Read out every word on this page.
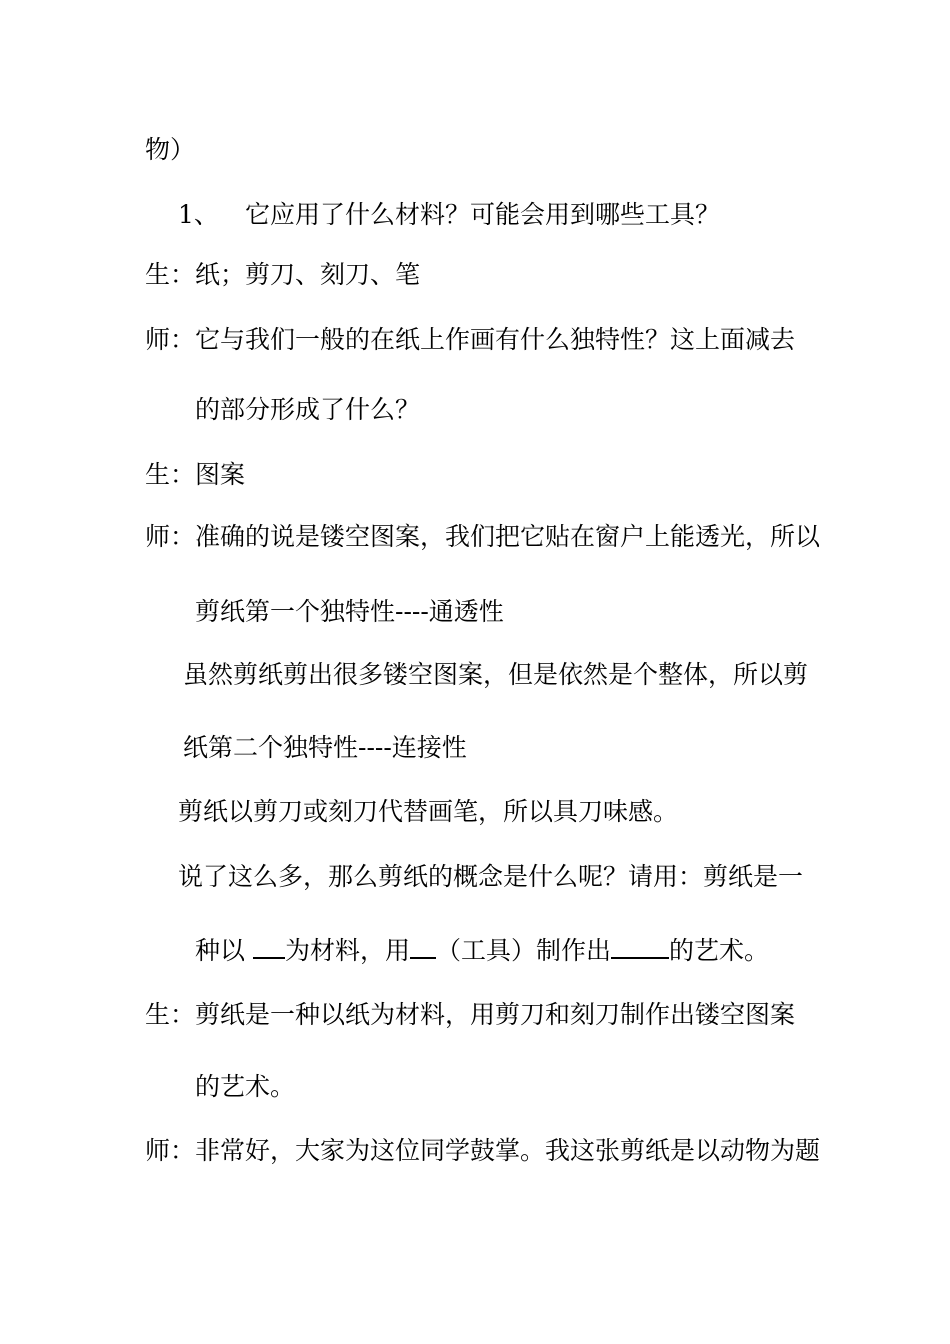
物）
1、 它应用了什么材料？可能会用到哪些工具？
生：纸；剪刀、刻刀、笔
师：它与我们一般的在纸上作画有什么独特性？这上面减去
的部分形成了什么？
生：图案
师：准确的说是镂空图案，我们把它贴在窗户上能透光，所以
剪纸第一个独特性----通透性
虽然剪纸剪出很多镂空图案，但是依然是个整体，所以剪
纸第二个独特性----连接性
剪纸以剪刀或刻刀代替画笔，所以具刀味感。
说了这么多，那么剪纸的概念是什么呢？请用：剪纸是一
种以 为材料，用 （工具）制作出 的艺术。
生：剪纸是一种以纸为材料，用剪刀和刻刀制作出镂空图案
的艺术。
师：非常好，大家为这位同学鼓掌。我这张剪纸是以动物为题
